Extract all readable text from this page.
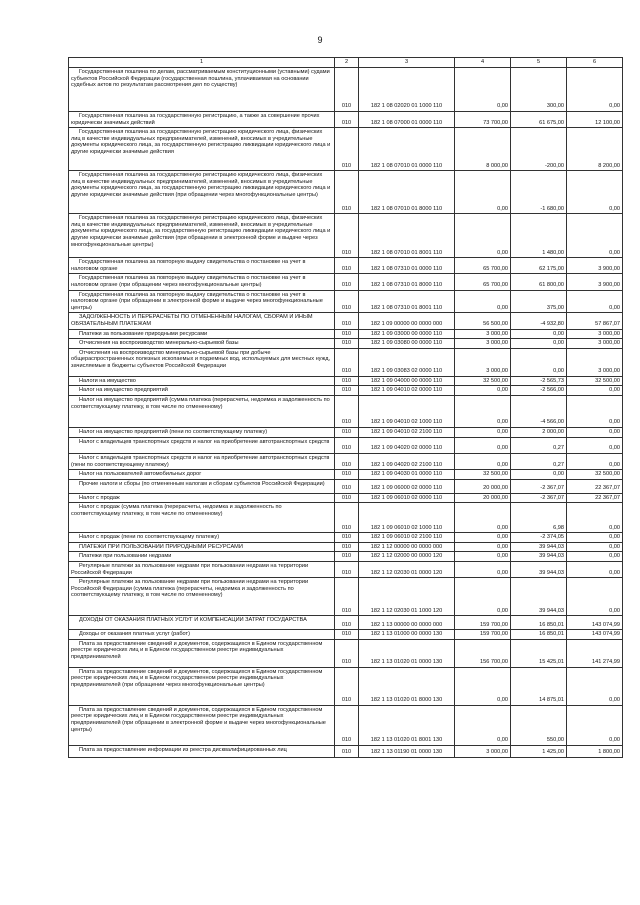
9
1	2	3	4	5	6
Государственная пошлина по делам, рассматриваемым конституционными (уставными) судами субъектов Российской Федерации (государственная пошлина, уплачиваемая на основании судебных актов по результатам рассмотрения дел по существу)	010	182 1 08 02020 01 1000 110	0,00	300,00	0,00
Государственная пошлина за государственную регистрацию, а также за совершение прочих юридически значимых действий	010	182 1 08 07000 01 0000 110	73 700,00	61 675,00	12 100,00
Государственная пошлина за государственную регистрацию юридического лица, физических лиц в качестве индивидуальных предпринимателей, изменений, вносимых в учредительные документы юридического лица, за государственную регистрацию ликвидации юридического лица и другие юридически значимые действия	010	182 1 08 07010 01 0000 110	8 000,00	-200,00	8 200,00
Государственная пошлина за государственную регистрацию юридического лица, физических лиц в качестве индивидуальных предпринимателей, изменений, вносимых в учредительные документы юридического лица, за государственную регистрацию ликвидации юридического лица и другие юридически значимые действия (при обращении через многофункциональные центры)	010	182 1 08 07010 01 8000 110	0,00	-1 680,00	0,00
Государственная пошлина за государственную регистрацию юридического лица, физических лиц в качестве индивидуальных предпринимателей, изменений, вносимых в учредительные документы юридического лица, за государственную регистрацию ликвидации юридического лица и другие юридически значимые действия (при обращении в электронной форме и выдаче через многофункциональные центры)	010	182 1 08 07010 01 8001 110	0,00	1 480,00	0,00
Государственная пошлина за повторную выдачу свидетельства о постановке на учет в налоговом органе	010	182 1 08 07310 01 0000 110	65 700,00	62 175,00	3 900,00
Государственная пошлина за повторную выдачу свидетельства о постановке на учет в налоговом органе (при обращении через многофункциональные центры)	010	182 1 08 07310 01 8000 110	65 700,00	61 800,00	3 900,00
Государственная пошлина за повторную выдачу свидетельства о постановке на учет в налоговом органе (при обращении в электронной форме и выдаче через многофункциональные центры)	010	182 1 08 07310 01 8001 110	0,00	375,00	0,00
ЗАДОЛЖЕННОСТЬ И ПЕРЕРАСЧЕТЫ ПО ОТМЕНЕННЫМ НАЛОГАМ, СБОРАМ И ИНЫМ ОБЯЗАТЕЛЬНЫМ ПЛАТЕЖАМ	010	182 1 09 00000 00 0000 000	56 500,00	-4 932,80	57 867,07
Платежи за пользование природными ресурсами	010	182 1 09 03000 00 0000 110	3 000,00	0,00	3 000,00
Отчисления на воспроизводство минерально-сырьевой базы	010	182 1 09 03080 00 0000 110	3 000,00	0,00	3 000,00
Отчисления на воспроизводство минерально-сырьевой базы при добыче общераспространенных полезных ископаемых и подземных вод, используемых для местных нужд, зачисляемые в бюджеты субъектов Российской Федерации	010	182 1 09 03083 02 0000 110	3 000,00	0,00	3 000,00
Налоги на имущество	010	182 1 09 04000 00 0000 110	32 500,00	-2 565,73	32 500,00
Налог на имущество предприятий	010	182 1 09 04010 02 0000 110	0,00	-2 566,00	0,00
Налог на имущество предприятий (сумма платежа (перерасчеты, недоимка и задолженность по соответствующему платежу, в том числе по отмененному)	010	182 1 09 04010 02 1000 110	0,00	-4 566,00	0,00
Налог на имущество предприятий (пени по соответствующему платежу)	010	182 1 09 04010 02 2100 110	0,00	2 000,00	0,00
Налог с владельцев транспортных средств и налог на приобретение автотранспортных средств	010	182 1 09 04020 02 0000 110	0,00	0,27	0,00
Налог с владельцев транспортных средств и налог на приобретение автотранспортных средств (пени по соответствующему платежу)	010	182 1 09 04020 02 2100 110	0,00	0,27	0,00
Налог на пользователей автомобильных дорог	010	182 1 09 04030 01 0000 110	32 500,00	0,00	32 500,00
Прочие налоги и сборы (по отмененным налогам и сборам субъектов Российской Федерации)	010	182 1 09 06000 02 0000 110	20 000,00	-2 367,07	22 367,07
Налог с продаж	010	182 1 09 06010 02 0000 110	20 000,00	-2 367,07	22 367,07
Налог с продаж (сумма платежа (перерасчеты, недоимка и задолженность по соответствующему платежу, в том числе по отмененному)	010	182 1 09 06010 02 1000 110	0,00	6,98	0,00
Налог с продаж (пени по соответствующему платежу)	010	182 1 09 06010 02 2100 110	0,00	-2 374,05	0,00
ПЛАТЕЖИ ПРИ ПОЛЬЗОВАНИИ ПРИРОДНЫМИ РЕСУРСАМИ	010	182 1 12 00000 00 0000 000	0,00	39 944,03	0,00
Платежи при пользовании недрами	010	182 1 12 02000 00 0000 120	0,00	39 944,03	0,00
Регулярные платежи за пользование недрами при пользовании недрами на территории Российской Федерации	010	182 1 12 02030 01 0000 120	0,00	39 944,03	0,00
Регулярные платежи за пользование недрами при пользовании недрами на территории Российской Федерации (сумма платежа (перерасчеты, недоимка и задолженность по соответствующему платежу, в том числе по отмененному)	010	182 1 12 02030 01 1000 120	0,00	39 944,03	0,00
ДОХОДЫ ОТ ОКАЗАНИЯ ПЛАТНЫХ УСЛУГ И КОМПЕНСАЦИИ ЗАТРАТ ГОСУДАРСТВА	010	182 1 13 00000 00 0000 000	159 700,00	16 850,01	143 074,99
Доходы от оказания платных услуг (работ)	010	182 1 13 01000 00 0000 130	159 700,00	16 850,01	143 074,99
Плата за предоставление сведений и документов, содержащихся в Едином государственном реестре юридических лиц и в Едином государственном реестре индивидуальных предпринимателей	010	182 1 13 01020 01 0000 130	156 700,00	15 425,01	141 274,99
Плата за предоставление сведений и документов, содержащихся в Едином государственном реестре юридических лиц и в Едином государственном реестре индивидуальных предпринимателей (при обращении через многофункциональные центры)	010	182 1 13 01020 01 8000 130	0,00	14 875,01	0,00
Плата за предоставление сведений и документов, содержащихся в Едином государственном реестре юридических лиц и в Едином государственном реестре индивидуальных предпринимателей (при обращении в электронной форме и выдаче через многофункциональные центры)	010	182 1 13 01020 01 8001 130	0,00	550,00	0,00
Плата за предоставление информации из реестра дисквалифицированных лиц	010	182 1 13 01190 01 0000 130	3 000,00	1 425,00	1 800,00
